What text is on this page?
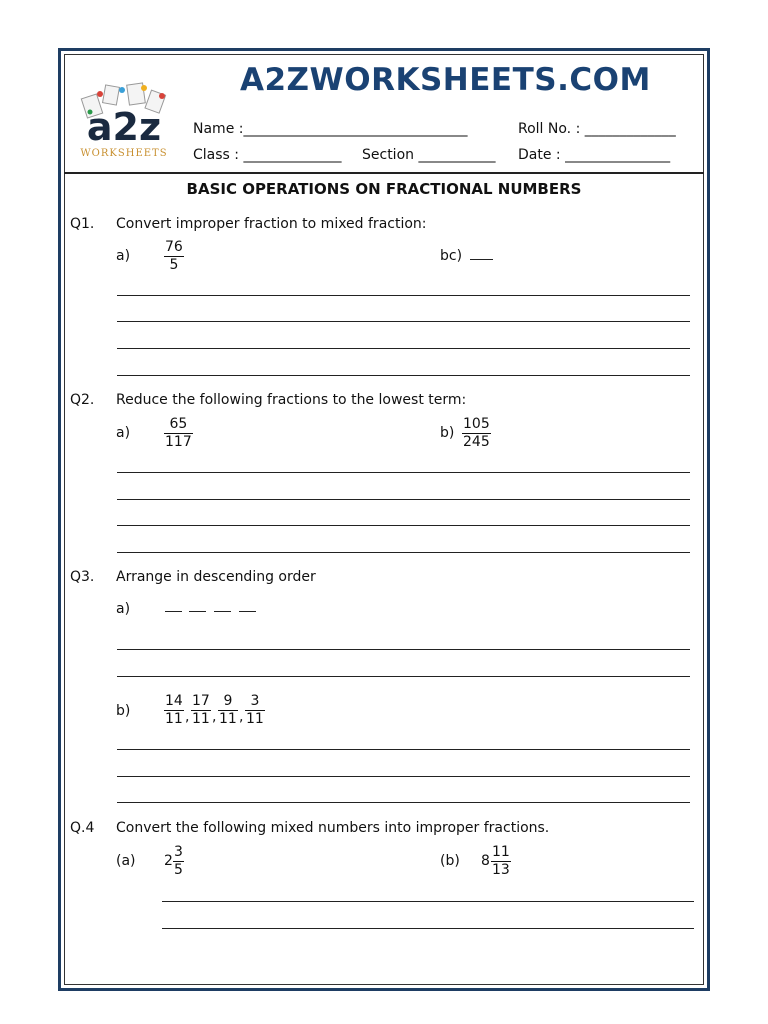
a2z
WORKSHEETS
A2ZWORKSHEETS.COM
Name :________________________________	Roll No. : _____________
Class : ______________ Section ___________ Date : _______________
BASIC OPERATIONS ON FRACTIONAL NUMBERS
Q1. Convert improper fraction to mixed fraction:
a)
76
5
bc)
Q2. Reduce the following fractions to the lowest term:
a)
65
117
b)
105
245
Q3. Arrange in descending order
a)
b)
14
11 ,
17
11 ,
9
11 ,
3
11
Q.4 Convert the following mixed numbers into improper fractions.
(a) 2
3
5
(b) 8
11
13
